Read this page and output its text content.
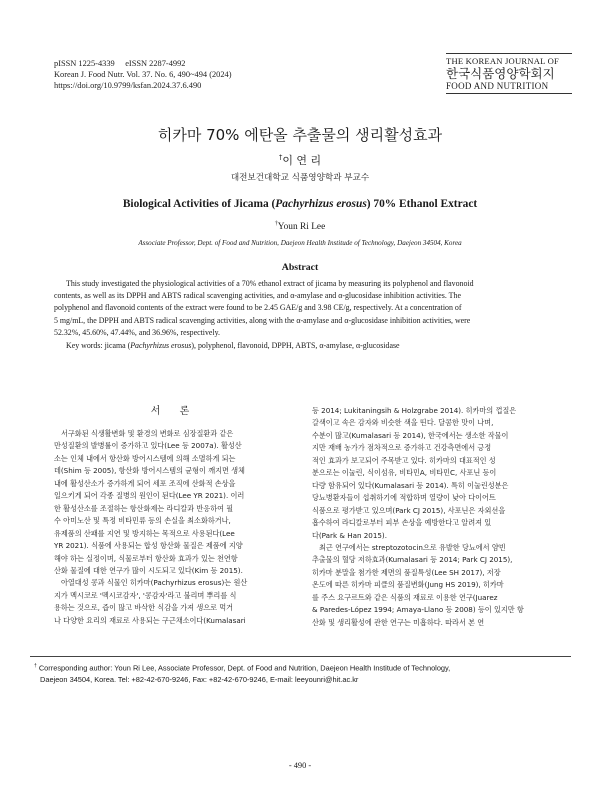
pISSN 1225-4339     eISSN 2287-4992
Korean J. Food Nutr. Vol. 37. No. 6, 490~494 (2024)
https://doi.org/10.9799/ksfan.2024.37.6.490
THE KOREAN JOURNAL OF
한국식품영양학회지
FOOD AND NUTRITION
히카마 70% 에탄올 추출물의 생리활성효과
†이 연 리
대전보건대학교 식품영양학과 부교수
Biological Activities of Jicama (Pachyrhizus erosus) 70% Ethanol Extract
†Youn Ri Lee
Associate Professor, Dept. of Food and Nutrition, Daejeon Health Institude of Technology, Daejeon 34504, Korea
Abstract
This study investigated the physiological activities of a 70% ethanol extract of jicama by measuring its polyphenol and flavonoid
contents, as well as its DPPH and ABTS radical scavenging activities, and α-amylase and α-glucosidase inhibition activities. The
polyphenol and flavonoid contents of the extract were found to be 2.45 GAE/g and 3.98 CE/g, respectively. At a concentration of
5 mg/mL, the DPPH and ABTS radical scavenging activities, along with the α-amylase and α-glucosidase inhibition activities, were
52.32%, 45.60%, 47.44%, and 36.96%, respectively.
Key words: jicama (Pachyrhizus erosus), polyphenol, flavonoid, DPPH, ABTS, α-amylase, α-glucosidase
서 론
서구화된 식생활변화 및 환경의 변화로 심장질환과 같은
만성질환의 발병률이 증가하고 있다(Lee 등 2007a). 활성산
소는 인체 내에서 항산화 방어시스템에 의해 소멸하게 되는
데(Shim 등 2005), 항산화 방어시스템의 균형이 깨지면 생체
내에 활성산소가 증가하게 되어 세포 조직에 산화적 손상을
일으키게 되어 각종 질병의 원인이 된다(Lee YR 2021). 이러
한 활성산소를 조절하는 항산화제는 라디칼과 반응하여 필
수 아미노산 및 특정 비타민류 등의 손실을 최소화하거나,
유제품의 산패를 지연 및 방지하는 목적으로 사용된다(Lee
YR 2021). 식품에 사용되는 합성 항산화 물질은 제품에 지양
해야 하는 실정이며, 식물로부터 항산화 효과가 있는 천연항
산화 물질에 대한 연구가 많이 시도되고 있다(Kim 등 2015).
아열대성 콩과 식물인 히카마(Pachyrhizus erosus)는 원산
지가 멕시코로 '멕시코감자', '콩감자'라고 불리며 뿌리를 식
용하는 것으로, 즙이 많고 바삭한 식감을 가져 생으로 먹거
나 다양한 요리의 재료로 사용되는 구근채소이다(Kumalasari
등 2014; Lukitaningsih & Holzgrabe 2014). 히카마의 껍질은
갈색이고 속은 감자와 비슷한 색을 띤다. 달콤한 맛이 나며,
수분이 많고(Kumalasari 등 2014), 한국에서는 생소한 작물이
지만 재배 농가가 점차적으로 증가하고 건강측면에서 긍정
적인 효과가 보고되어 주목받고 있다. 히카마의 대표적인 성
분으로는 이눌린, 식이섬유, 비타민A, 비타민C, 사포닌 등이
다량 함유되어 있다(Kumalasari 등 2014). 특히 이눌린성분은
당뇨병환자들이 섭취하기에 적합하며 열량이 낮아 다이어트
식품으로 평가받고 있으며(Park CJ 2015), 사포닌은 자외선을
흡수하여 라디칼로부터 피부 손상을 예방한다고 알려져 있
다(Park & Han 2015).
최근 연구에서는 streptozotocin으로 유발한 당뇨에서 얌빈
추출물의 혈당 저하효과(Kumalasari 등 2014; Park CJ 2015),
히카마 분말을 첨가한 제면의 품질특성(Lee SH 2017), 저장
온도에 따른 히카마 피클의 품질변화(Jung HS 2019), 히카마
를 주스 요구르트와 같은 식품의 재료로 이용한 연구(Juarez
& Paredes-López 1994; Amaya-Llano 등 2008) 등이 있지만 항
산화 및 생리활성에 관한 연구는 미흡하다. 따라서 본 연
† Corresponding author: Youn Ri Lee, Associate Professor, Dept. of Food and Nutrition, Daejeon Health Institude of Technology,
Daejeon 34504, Korea. Tel: +82-42-670-9246, Fax: +82-42-670-9246, E-mail: leeyounri@hit.ac.kr
- 490 -
